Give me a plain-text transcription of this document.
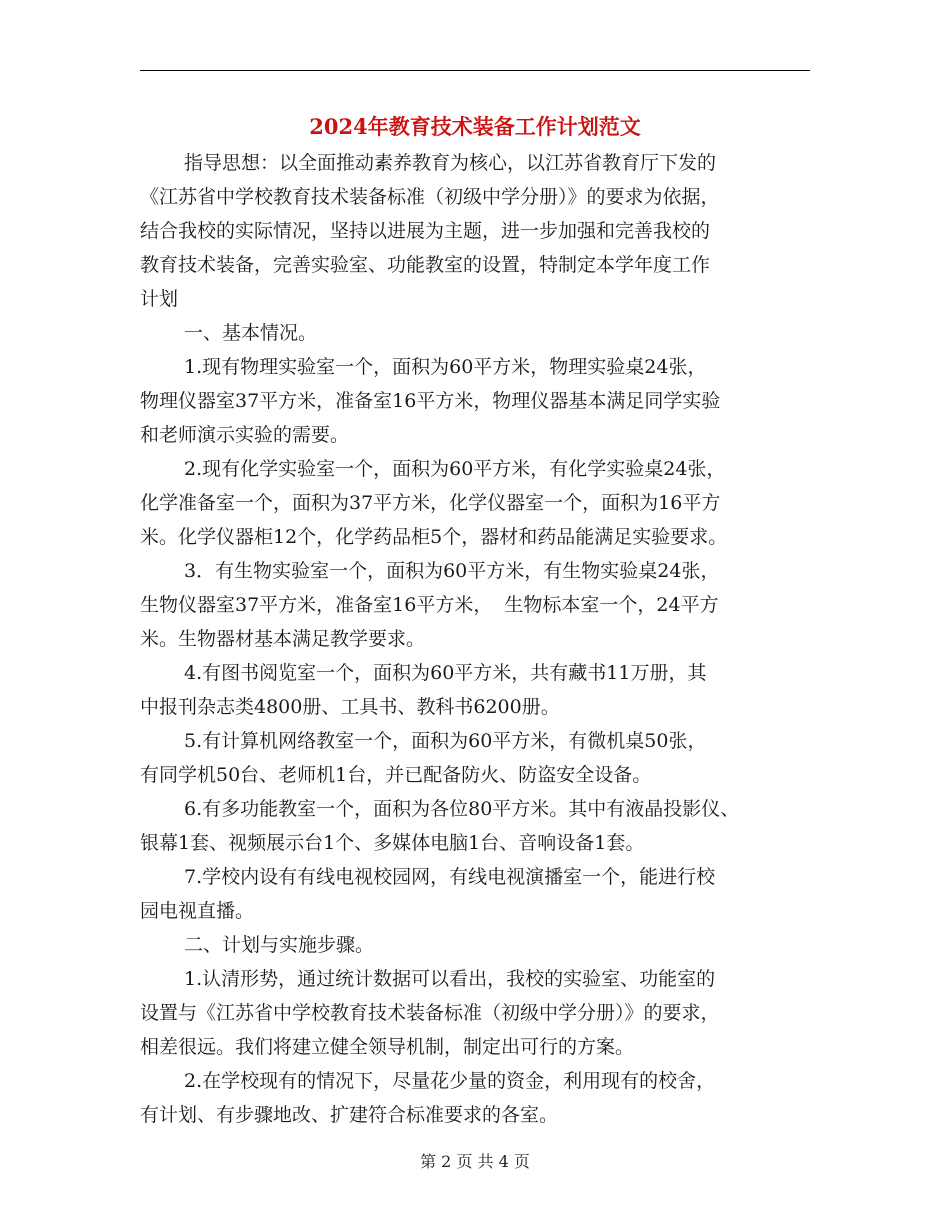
2024年教育技术装备工作计划范文

指导思想：以全面推动素养教育为核心，以江苏省教育厅下发的
《江苏省中学校教育技术装备标准（初级中学分册）》的要求为依据，
结合我校的实际情况，坚持以进展为主题，进一步加强和完善我校的
教育技术装备，完善实验室、功能教室的设置，特制定本学年度工作
计划

一、基本情况。

1.现有物理实验室一个，面积为60平方米，物理实验桌24张，
物理仪器室37平方米，准备室16平方米，物理仪器基本满足同学实验
和老师演示实验的需要。

2.现有化学实验室一个，面积为60平方米，有化学实验桌24张，
化学准备室一个，面积为37平方米，化学仪器室一个，面积为16平方
米。化学仪器柜12个，化学药品柜5个，器材和药品能满足实验要求。

3．有生物实验室一个，面积为60平方米，有生物实验桌24张，
生物仪器室37平方米，准备室16平方米，  生物标本室一个，24平方
米。生物器材基本满足教学要求。

4.有图书阅览室一个，面积为60平方米，共有藏书11万册，其
中报刊杂志类4800册、工具书、教科书6200册。

5.有计算机网络教室一个，面积为60平方米，有微机桌50张，
有同学机50台、老师机1台，并已配备防火、防盗安全设备。

6.有多功能教室一个，面积为各位80平方米。其中有液晶投影仪、
银幕1套、视频展示台1个、多媒体电脑1台、音响设备1套。

7.学校内设有有线电视校园网，有线电视演播室一个，能进行校
园电视直播。

二、计划与实施步骤。

1.认清形势，通过统计数据可以看出，我校的实验室、功能室的
设置与《江苏省中学校教育技术装备标准（初级中学分册）》的要求，
相差很远。我们将建立健全领导机制，制定出可行的方案。

2.在学校现有的情况下，尽量花少量的资金，利用现有的校舍，
有计划、有步骤地改、扩建符合标准要求的各室。

第 2 页 共 4 页
